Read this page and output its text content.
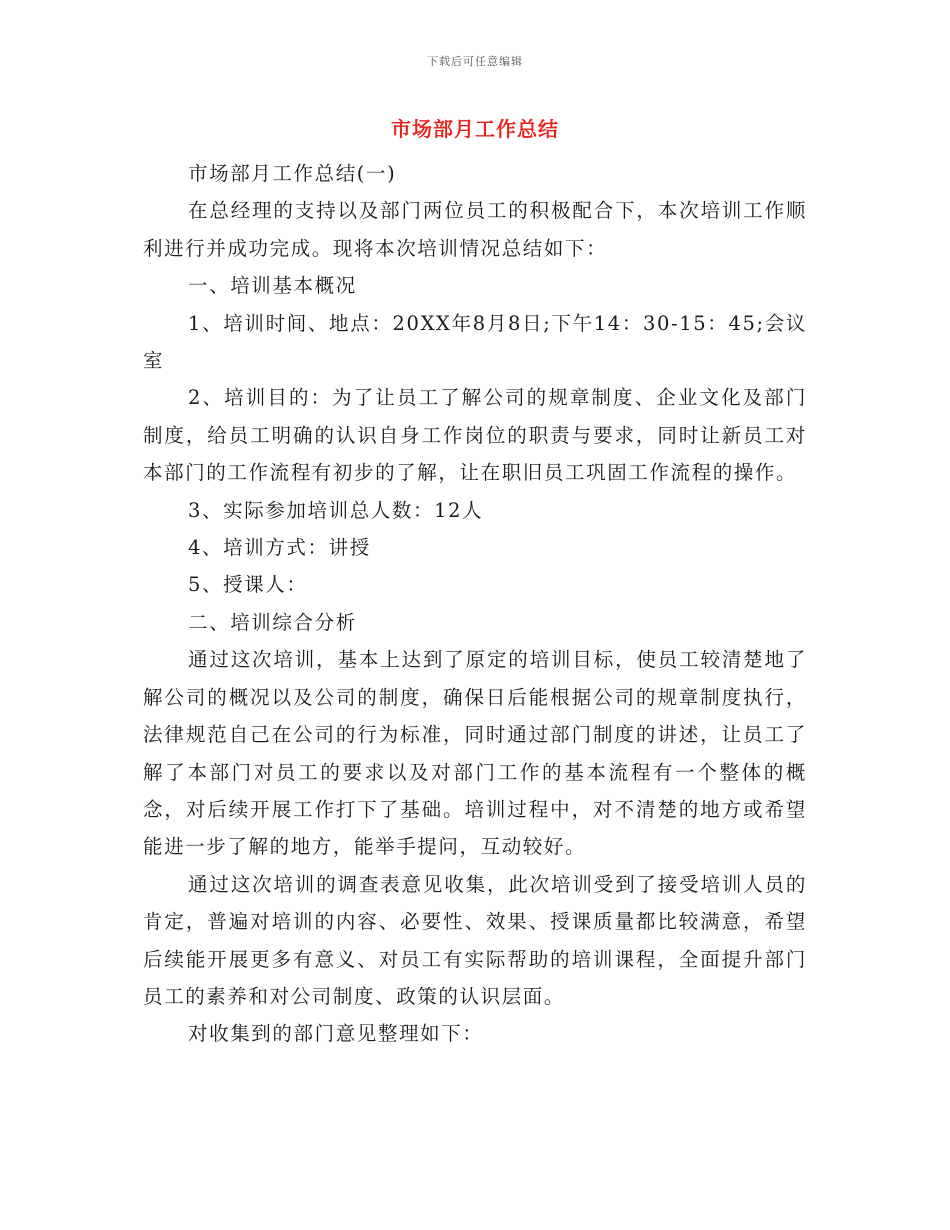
下载后可任意编辑
市场部月工作总结

市场部月工作总结(一)

在总经理的支持以及部门两位员工的积极配合下，本次培训工作顺利进行并成功完成。现将本次培训情况总结如下：

一、培训基本概况

1、培训时间、地点：20XX年8月8日;下午14：30-15：45;会议室

2、培训目的：为了让员工了解公司的规章制度、企业文化及部门制度，给员工明确的认识自身工作岗位的职责与要求，同时让新员工对本部门的工作流程有初步的了解，让在职旧员工巩固工作流程的操作。

3、实际参加培训总人数：12人

4、培训方式：讲授

5、授课人：

二、培训综合分析

通过这次培训，基本上达到了原定的培训目标，使员工较清楚地了解公司的概况以及公司的制度，确保日后能根据公司的规章制度执行，法律规范自己在公司的行为标准，同时通过部门制度的讲述，让员工了解了本部门对员工的要求以及对部门工作的基本流程有一个整体的概念，对后续开展工作打下了基础。培训过程中，对不清楚的地方或希望能进一步了解的地方，能举手提问，互动较好。

通过这次培训的调查表意见收集，此次培训受到了接受培训人员的肯定，普遍对培训的内容、必要性、效果、授课质量都比较满意，希望后续能开展更多有意义、对员工有实际帮助的培训课程，全面提升部门员工的素养和对公司制度、政策的认识层面。

对收集到的部门意见整理如下：
